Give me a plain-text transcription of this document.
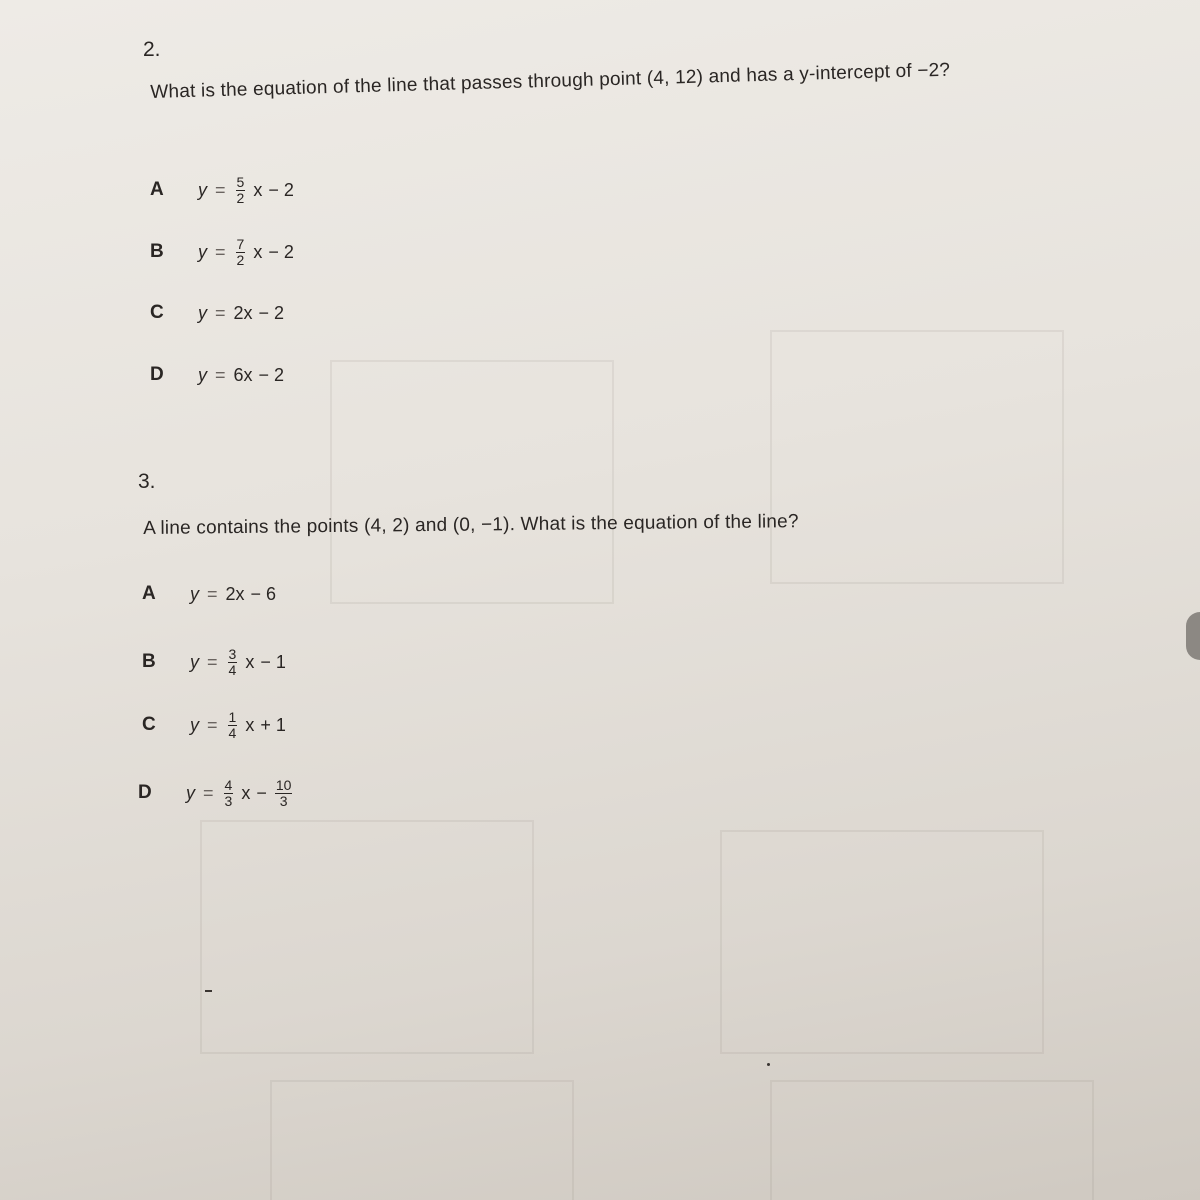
2.
What is the equation of the line that passes through point (4, 12) and has a y-intercept of −2?
A	$y = \frac{5}{2}$ x − 2
B	$y = \frac{7}{2}$ x − 2
C	y = 2x − 2
D	y = 6x − 2
3.
A line contains the points (4, 2) and (0, −1). What is the equation of the line?
A	y = 2x − 6
B	$y = \frac{3}{4}$ x − 1
C	$y = \frac{1}{4}$ x + 1
D	$y = \frac{4}{3}$ $x - \frac{10}{3}$
